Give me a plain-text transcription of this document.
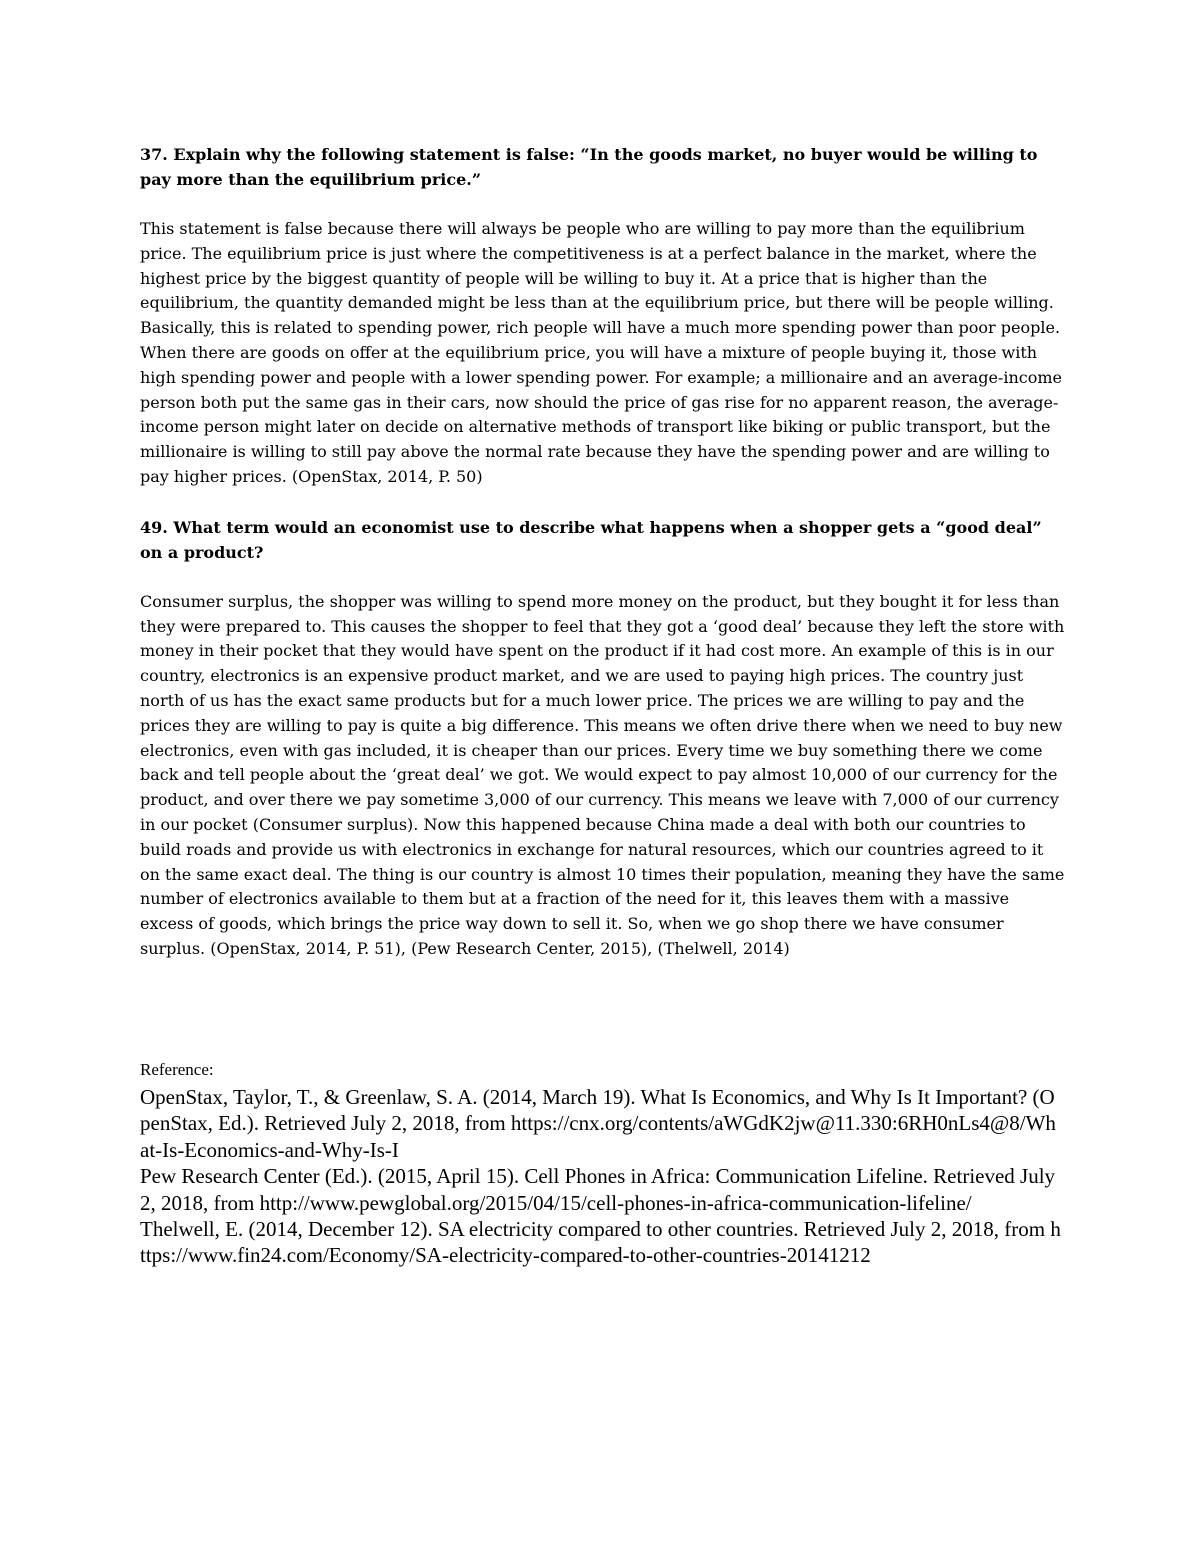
37. Explain why the following statement is false: “In the goods market, no buyer would be willing to pay more than the equilibrium price.”

This statement is false because there will always be people who are willing to pay more than the equilibrium price. The equilibrium price is just where the competitiveness is at a perfect balance in the market, where the highest price by the biggest quantity of people will be willing to buy it. At a price that is higher than the equilibrium, the quantity demanded might be less than at the equilibrium price, but there will be people willing. Basically, this is related to spending power, rich people will have a much more spending power than poor people. When there are goods on offer at the equilibrium price, you will have a mixture of people buying it, those with high spending power and people with a lower spending power. For example; a millionaire and an average-income person both put the same gas in their cars, now should the price of gas rise for no apparent reason, the average-income person might later on decide on alternative methods of transport like biking or public transport, but the millionaire is willing to still pay above the normal rate because they have the spending power and are willing to pay higher prices. (OpenStax, 2014, P. 50)

49. What term would an economist use to describe what happens when a shopper gets a “good deal” on a product?

Consumer surplus, the shopper was willing to spend more money on the product, but they bought it for less than they were prepared to. This causes the shopper to feel that they got a ‘good deal’ because they left the store with money in their pocket that they would have spent on the product if it had cost more. An example of this is in our country, electronics is an expensive product market, and we are used to paying high prices. The country just north of us has the exact same products but for a much lower price. The prices we are willing to pay and the prices they are willing to pay is quite a big difference. This means we often drive there when we need to buy new electronics, even with gas included, it is cheaper than our prices. Every time we buy something there we come back and tell people about the ‘great deal’ we got. We would expect to pay almost 10,000 of our currency for the product, and over there we pay sometime 3,000 of our currency. This means we leave with 7,000 of our currency in our pocket (Consumer surplus). Now this happened because China made a deal with both our countries to build roads and provide us with electronics in exchange for natural resources, which our countries agreed to it on the same exact deal. The thing is our country is almost 10 times their population, meaning they have the same number of electronics available to them but at a fraction of the need for it, this leaves them with a massive excess of goods, which brings the price way down to sell it. So, when we go shop there we have consumer surplus. (OpenStax, 2014, P. 51), (Pew Research Center, 2015), (Thelwell, 2014)

Reference:

OpenStax, Taylor, T., & Greenlaw, S. A. (2014, March 19). What Is Economics, and Why Is It Important? (OpenStax, Ed.). Retrieved July 2, 2018, from https://cnx.org/contents/aWGdK2jw@11.330:6RH0nLs4@8/What-Is-Economics-and-Why-Is-I

Pew Research Center (Ed.). (2015, April 15). Cell Phones in Africa: Communication Lifeline. Retrieved July 2, 2018, from http://www.pewglobal.org/2015/04/15/cell-phones-in-africa-communication-lifeline/

Thelwell, E. (2014, December 12). SA electricity compared to other countries. Retrieved July 2, 2018, from https://www.fin24.com/Economy/SA-electricity-compared-to-other-countries-20141212
